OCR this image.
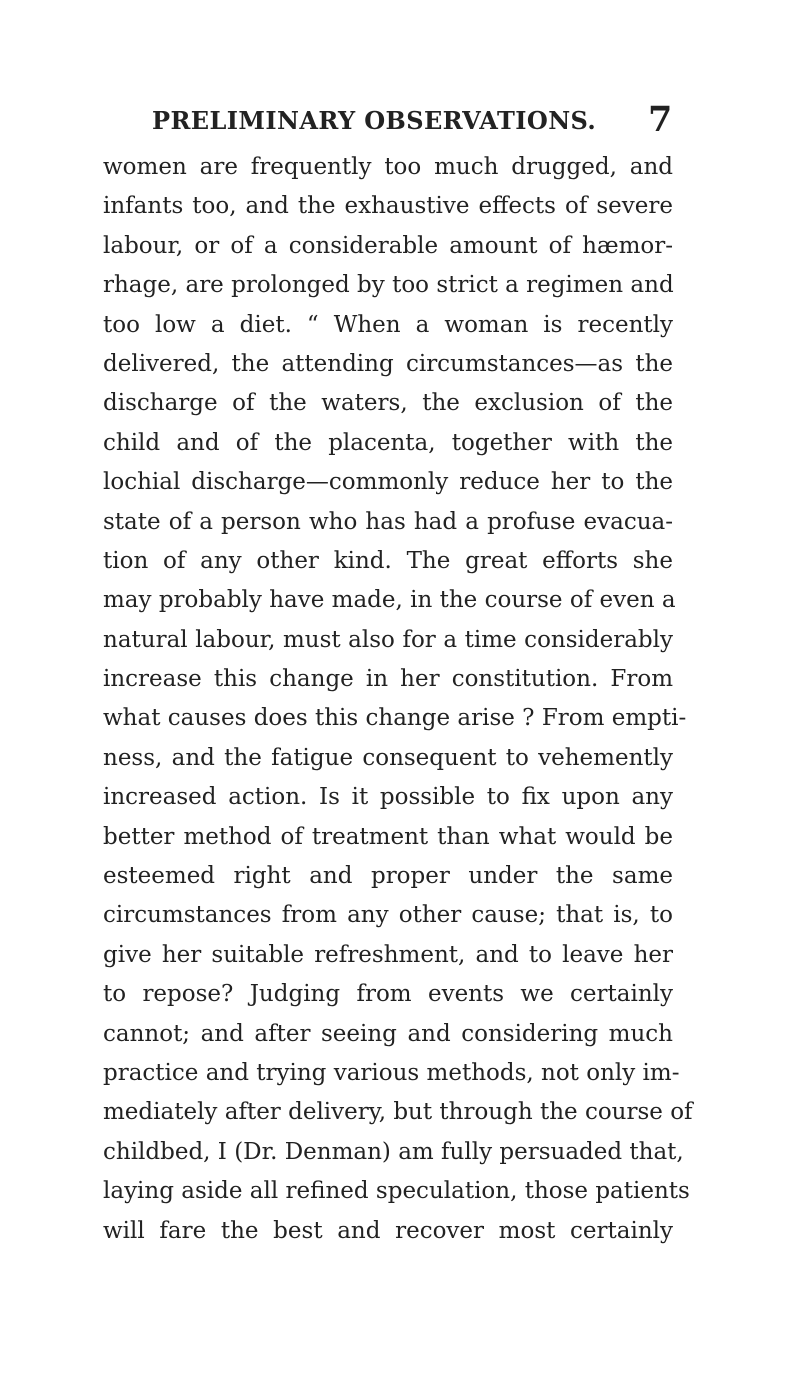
PRELIMINARY OBSERVATIONS.	7
women are frequently too much drugged, and
infants too, and the exhaustive effects of severe
labour, or of a considerable amount of hæmor-
rhage, are prolonged by too strict a regimen and
too low a diet. “ When a woman is recently
delivered, the attending circumstances—as the
discharge of the waters, the exclusion of the
child and of the placenta, together with the
lochial discharge—commonly reduce her to the
state of a person who has had a profuse evacua-
tion of any other kind. The great efforts she
may probably have made, in the course of even a
natural labour, must also for a time considerably
increase this change in her constitution. From
what causes does this change arise ? From empti-
ness, and the fatigue consequent to vehemently
increased action. Is it possible to fix upon any
better method of treatment than what would be
esteemed right and proper under the same
circumstances from any other cause; that is, to
give her suitable refreshment, and to leave her
to repose? Judging from events we certainly
cannot; and after seeing and considering much
practice and trying various methods, not only im-
mediately after delivery, but through the course of
childbed, I (Dr. Denman) am fully persuaded that,
laying aside all refined speculation, those patients
will fare the best and recover most certainly
